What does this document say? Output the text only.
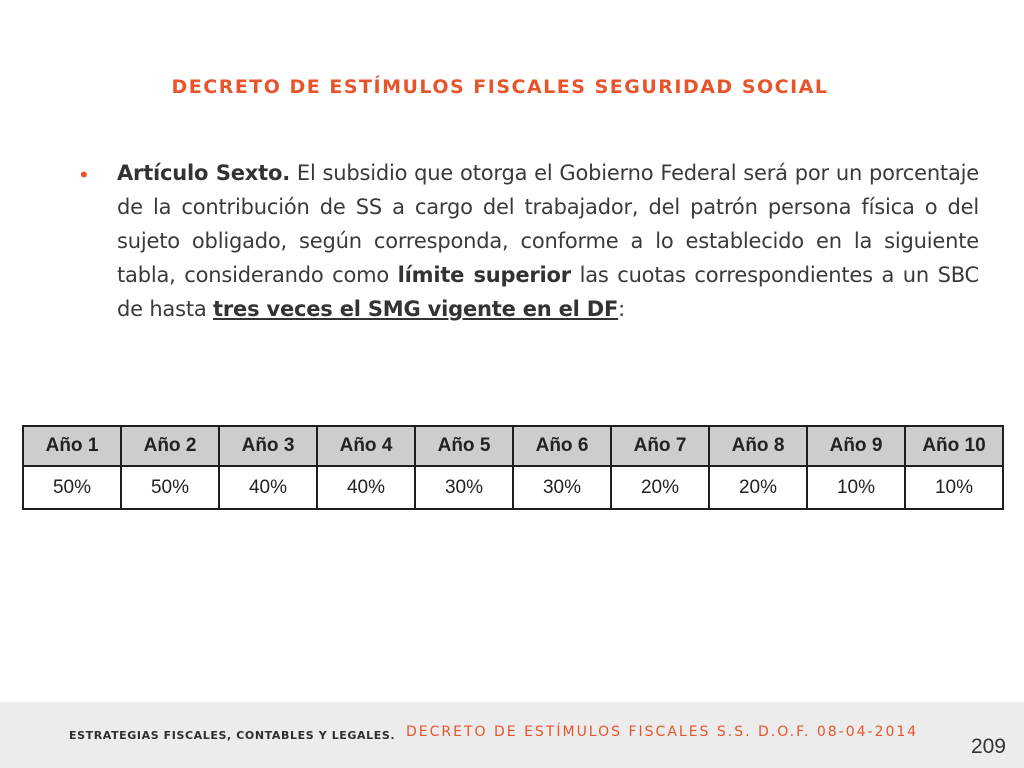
DECRETO DE ESTÍMULOS FISCALES SEGURIDAD SOCIAL
• Artículo Sexto. El subsidio que otorga el Gobierno Federal será por un porcentaje de la contribución de SS a cargo del trabajador, del patrón persona física o del sujeto obligado, según corresponda, conforme a lo establecido en la siguiente tabla, considerando como límite superior las cuotas correspondientes a un SBC de hasta tres veces el SMG vigente en el DF:

Año 1	Año 2	Año 3	Año 4	Año 5	Año 6	Año 7	Año 8	Año 9	Año 10
50%	50%	40%	40%	30%	30%	20%	20%	10%	10%
ESTRATEGIAS FISCALES, CONTABLES Y LEGALES. DECRETO DE ESTÍMULOS FISCALES S.S. D.O.F. 08-04-2014
209
